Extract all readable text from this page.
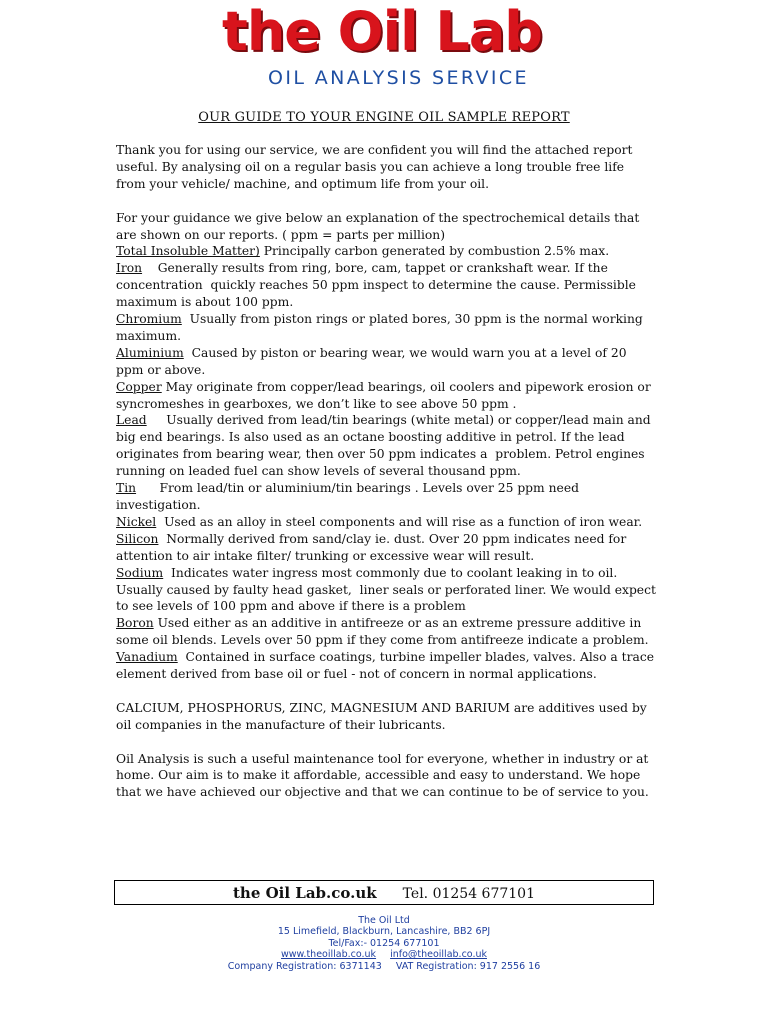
the Oil Lab
OIL ANALYSIS SERVICE
OUR GUIDE TO YOUR ENGINE OIL SAMPLE REPORT

Thank you for using our service, we are confident you will find the attached report useful. By analysing oil on a regular basis you can achieve a long trouble free life from your vehicle/ machine, and optimum life from your oil.

For your guidance we give below an explanation of the spectrochemical details that are shown on our reports. ( ppm = parts per million)

Total Insoluble Matter) Principally carbon generated by combustion 2.5% max.

Iron    Generally results from ring, bore, cam, tappet or crankshaft wear. If the concentration  quickly reaches 50 ppm inspect to determine the cause. Permissible maximum is about 100 ppm.

Chromium  Usually from piston rings or plated bores, 30 ppm is the normal working maximum.

Aluminium  Caused by piston or bearing wear, we would warn you at a level of 20 ppm or above.

Copper May originate from copper/lead bearings, oil coolers and pipework erosion or syncromeshes in gearboxes, we don’t like to see above 50 ppm .

Lead     Usually derived from lead/tin bearings (white metal) or copper/lead main and big end bearings. Is also used as an octane boosting additive in petrol. If the lead originates from bearing wear, then over 50 ppm indicates a  problem. Petrol engines running on leaded fuel can show levels of several thousand ppm.

Tin      From lead/tin or aluminium/tin bearings . Levels over 25 ppm need investigation.

Nickel  Used as an alloy in steel components and will rise as a function of iron wear.

Silicon  Normally derived from sand/clay ie. dust. Over 20 ppm indicates need for attention to air intake filter/ trunking or excessive wear will result.

Sodium  Indicates water ingress most commonly due to coolant leaking in to oil. Usually caused by faulty head gasket,  liner seals or perforated liner. We would expect to see levels of 100 ppm and above if there is a problem

Boron Used either as an additive in antifreeze or as an extreme pressure additive in some oil blends. Levels over 50 ppm if they come from antifreeze indicate a problem.

Vanadium  Contained in surface coatings, turbine impeller blades, valves. Also a trace element derived from base oil or fuel - not of concern in normal applications.

CALCIUM, PHOSPHORUS, ZINC, MAGNESIUM AND BARIUM are additives used by oil companies in the manufacture of their lubricants.

Oil Analysis is such a useful maintenance tool for everyone, whether in industry or at home. Our aim is to make it affordable, accessible and easy to understand. We hope that we have achieved our objective and that we can continue to be of service to you.

the Oil Lab.co.uk Tel. 01254 677101
The Oil Ltd
15 Limefield, Blackburn, Lancashire, BB2 6PJ
Tel/Fax:- 01254 677101
www.theoillab.co.uk info@theoillab.co.uk
Company Registration: 6371143 VAT Registration: 917 2556 16
